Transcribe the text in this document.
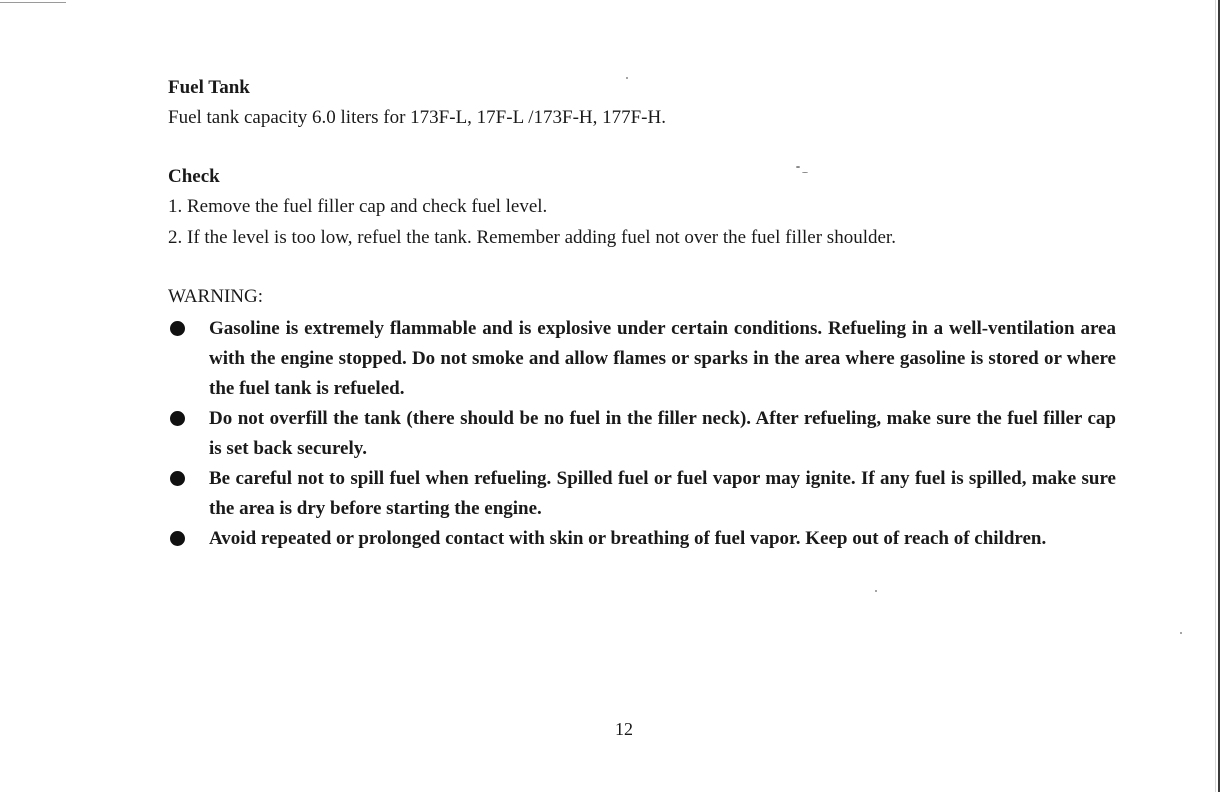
Fuel Tank

Fuel tank capacity 6.0 liters for 173F-L, 17F-L /173F-H, 177F-H.

Check

1. Remove the fuel filler cap and check fuel level.

2. If the level is too low, refuel the tank. Remember adding fuel not over the fuel filler shoulder.

WARNING:
Gasoline is extremely flammable and is explosive under certain conditions. Refueling in a well-ventilation area with the engine stopped. Do not smoke and allow flames or sparks in the area where gasoline is stored or where the fuel tank is refueled.
Do not overfill the tank (there should be no fuel in the filler neck). After refueling, make sure the fuel filler cap is set back securely.
Be careful not to spill fuel when refueling. Spilled fuel or fuel vapor may ignite. If any fuel is spilled, make sure the area is dry before starting the engine.
Avoid repeated or prolonged contact with skin or breathing of fuel vapor. Keep out of reach of children.

12
